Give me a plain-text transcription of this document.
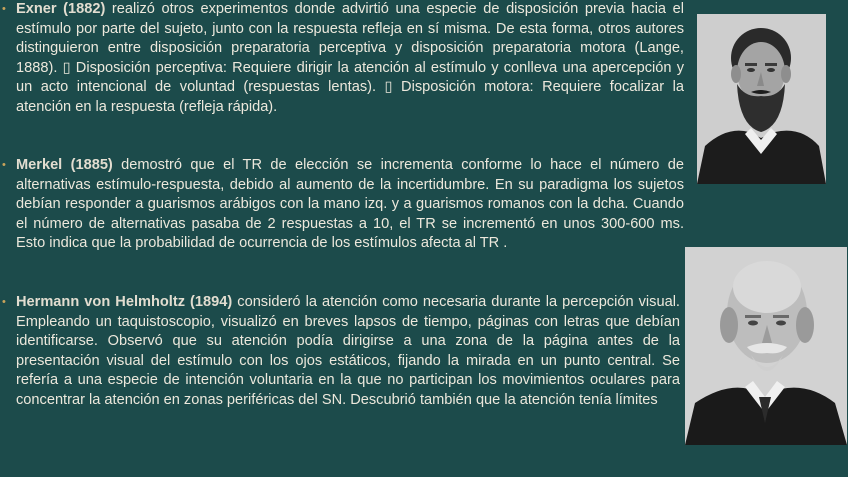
• Exner (1882) realizó otros experimentos donde advirtió una especie de disposición previa hacia el estímulo por parte del sujeto, junto con la respuesta refleja en sí misma. De esta forma, otros autores distinguieron entre disposición preparatoria perceptiva y disposición preparatoria motora (Lange, 1888). ▯ Disposición perceptiva: Requiere dirigir la atención al estímulo y conlleva una apercepción y un acto intencional de voluntad (respuestas lentas). ▯ Disposición motora: Requiere focalizar la atención en la respuesta (refleja rápida).
• Merkel (1885) demostró que el TR de elección se incrementa conforme lo hace el número de alternativas estímulo-respuesta, debido al aumento de la incertidumbre. En su paradigma los sujetos debían responder a guarismos arábigos con la mano izq. y a guarismos romanos con la dcha. Cuando el número de alternativas pasaba de 2 respuestas a 10, el TR se incrementó en unos 300-600 ms. Esto indica que la probabilidad de ocurrencia de los estímulos afecta al TR .
• Hermann von Helmholtz (1894) consideró la atención como necesaria durante la percepción visual. Empleando un taquistoscopio, visualizó en breves lapsos de tiempo, páginas con letras que debían identificarse. Observó que su atención podía dirigirse a una zona de la página antes de la presentación visual del estímulo con los ojos estáticos, fijando la mirada en un punto central. Se refería a una especie de intención voluntaria en la que no participan los movimientos oculares para concentrar la atención en zonas periféricas del SN. Descubrió también que la atención tenía límites
